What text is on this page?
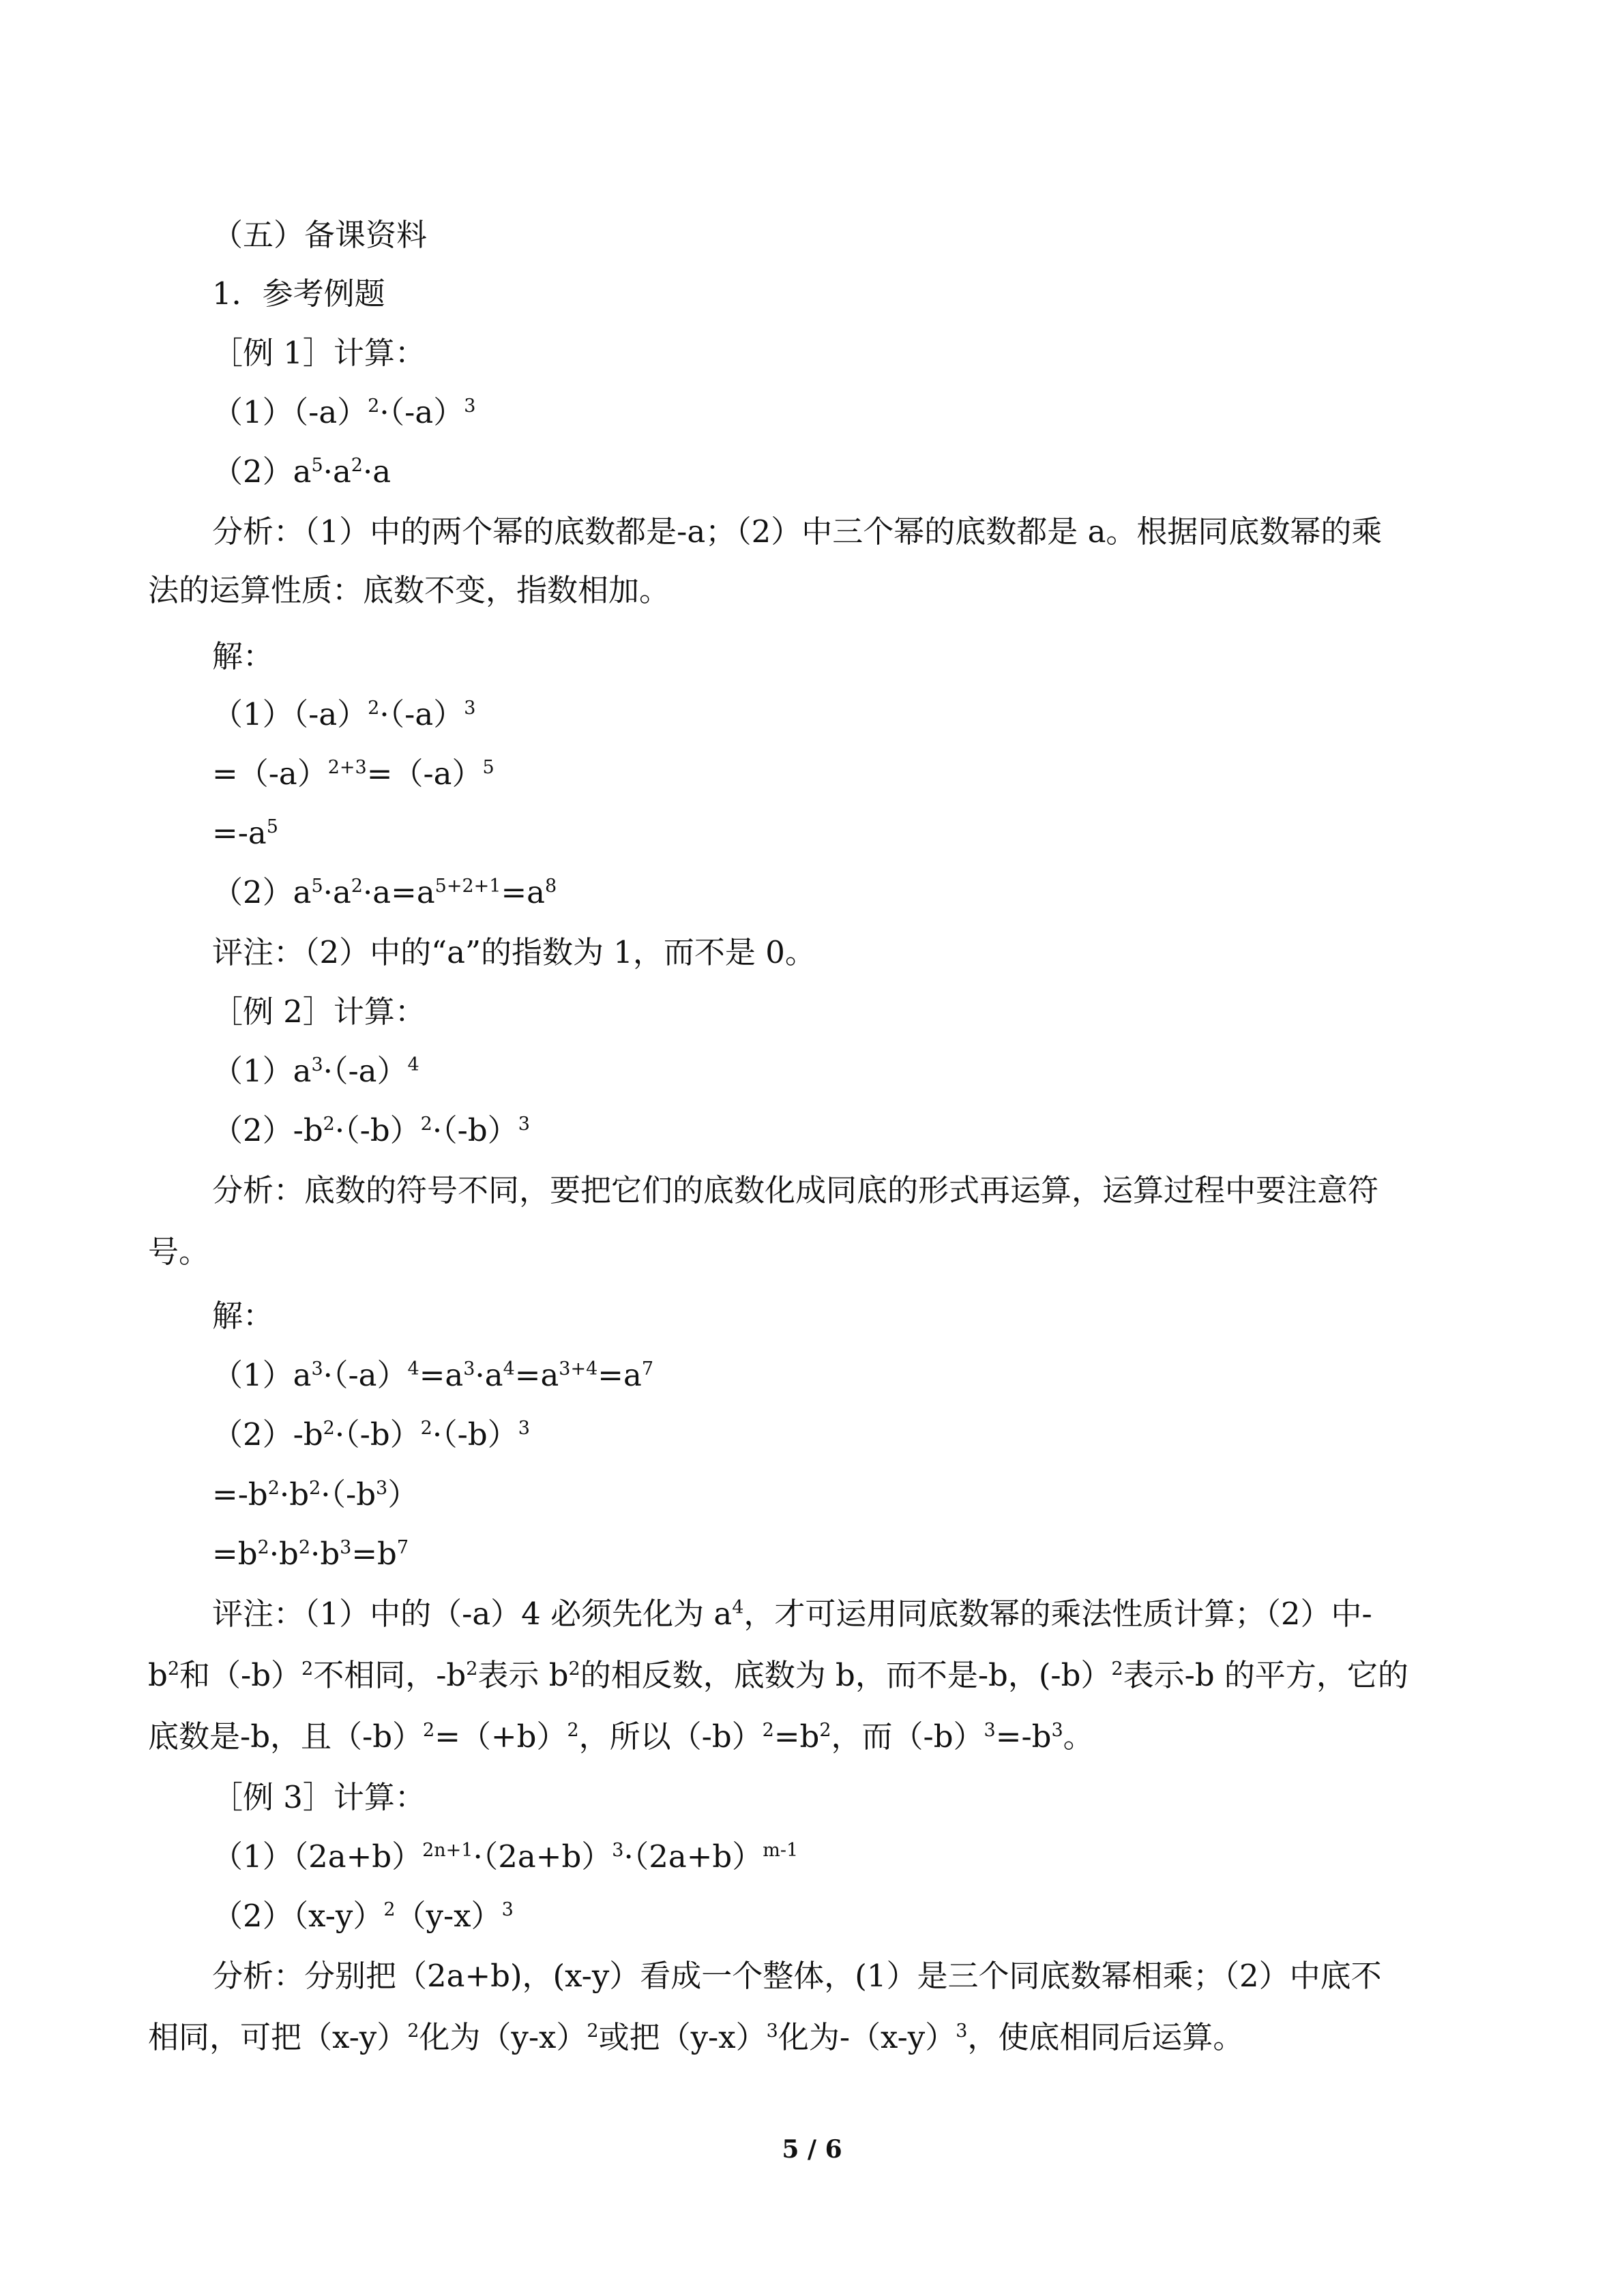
（五）备课资料

1．参考例题

［例 1］计算：

$(1)(-a)^2\cdot(-a)^3$

$(2)a^5\cdot a^2\cdot a$

分析：（1）中的两个幂的底数都是-a；（2）中三个幂的底数都是 a。根据同底数幂的乘

法的运算性质：底数不变，指数相加。

解：

$(1)(-a)^2\cdot(-a)^3$

$=(-a)^{2+3}=(-a)^5$

$=-a^5$

$(2)a^5\cdot a^2\cdot a=a^{5+2+1}=a^8$

评注：（2）中的“a”的指数为 1，而不是 0。

［例 2］计算：

$(1)a^3\cdot(-a)^4$

$(2)-b^2\cdot(-b)^2\cdot(-b)^3$

分析：底数的符号不同，要把它们的底数化成同底的形式再运算，运算过程中要注意符

号。

解：

$(1)a^3\cdot(-a)^4=a^3\cdot a^4=a^{3+4}=a^7$

$(2)-b^2\cdot(-b)^2\cdot(-b)^3$

$=-b^2\cdot b^2\cdot(-b^3)$

$=b^2\cdot b^2\cdot b^3=b^7$

评注：（1）中的（-a）4 必须先化为 $a^4$，才可运用同底数幂的乘法性质计算；（2）中-

$b^2$和$(-b)^2$不相同，$-b^2$表示 $b^2$的相反数，底数为 b，而不是-b，(-b）$^2$表示-b 的平方，它的

底数是-b，且$(-b)^2=(+b)^2$，所以$(-b)^2=b^2$，而$(-b)^3=-b^3$。

［例 3］计算：

$(1)(2a+b)^{2n+1}\cdot(2a+b)^3\cdot(2a+b)^{m-1}$

$(2)(x-y)^2(y-x)^3$

分析：分别把（2a+b)，(x-y）看成一个整体，(1）是三个同底数幂相乘；（2）中底不

相同，可把$(x-y)^2$化为$(y-x)^2$或把$(y-x)^3$化为$-(x-y)^3$，使底相同后运算。

5 / 6
